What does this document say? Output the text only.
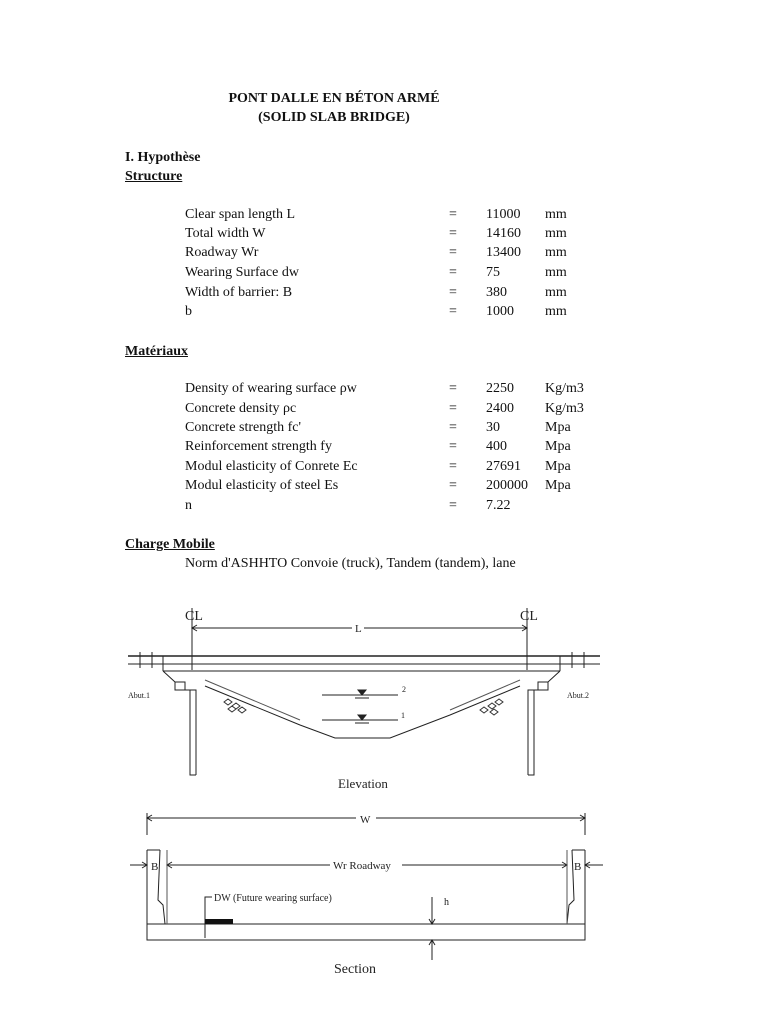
PONT DALLE EN BÉTON ARMÉ
(SOLID SLAB BRIDGE)
I. Hypothèse
Structure
Clear span length L	= 11000 mm
Total width W	= 14160 mm
Roadway Wr	= 13400 mm
Wearing Surface dw	= 75	mm
Width of barrier: B	= 380	mm
b	= 1000 mm
Matériaux
Density of wearing surface ρw	= 2250 Kg/m3
Concrete density ρc	= 2400 Kg/m3
Concrete strength fc'	= 30	Mpa
Reinforcement strength fy	= 400	Mpa
Modul elasticity of Conrete Ec	= 27691 Mpa
Modul elasticity of steel Es	= 200000 Mpa
n	= 7.22
Charge Mobile
Norm d'ASHHTO Convoie (truck), Tandem (tandem), lane
CL	CL
L
Abut.1	Abut.2
2
1
Elevation
W
Wr Roadway
B	B
DW (Future wearing surface)	h
Section
